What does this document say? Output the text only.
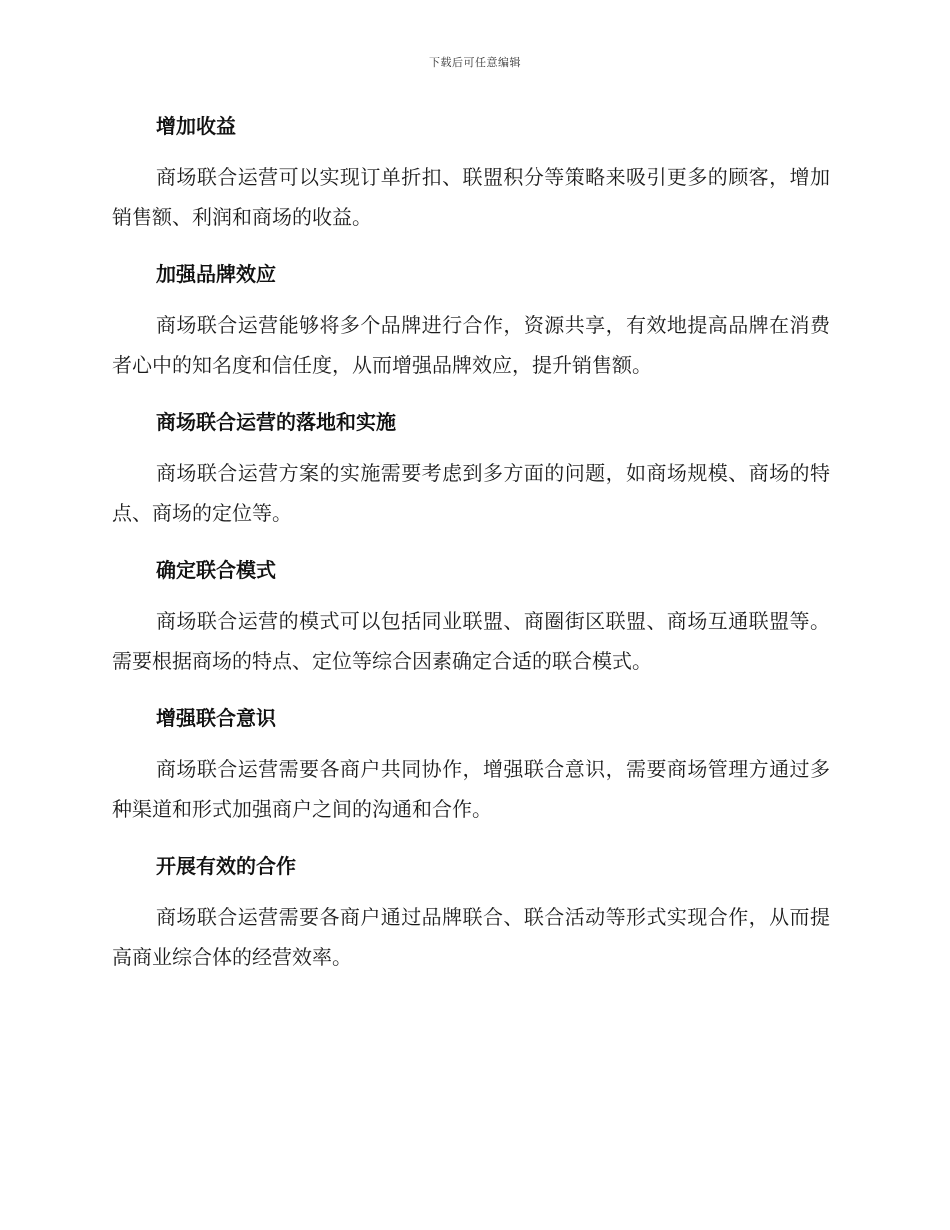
下载后可任意编辑
增加收益

商场联合运营可以实现订单折扣、联盟积分等策略来吸引更多的顾客，增加销售额、利润和商场的收益。

加强品牌效应

商场联合运营能够将多个品牌进行合作，资源共享，有效地提高品牌在消费者心中的知名度和信任度，从而增强品牌效应，提升销售额。

商场联合运营的落地和实施

商场联合运营方案的实施需要考虑到多方面的问题，如商场规模、商场的特点、商场的定位等。

确定联合模式

商场联合运营的模式可以包括同业联盟、商圈街区联盟、商场互通联盟等。需要根据商场的特点、定位等综合因素确定合适的联合模式。

增强联合意识

商场联合运营需要各商户共同协作，增强联合意识，需要商场管理方通过多种渠道和形式加强商户之间的沟通和合作。

开展有效的合作

商场联合运营需要各商户通过品牌联合、联合活动等形式实现合作，从而提高商业综合体的经营效率。
